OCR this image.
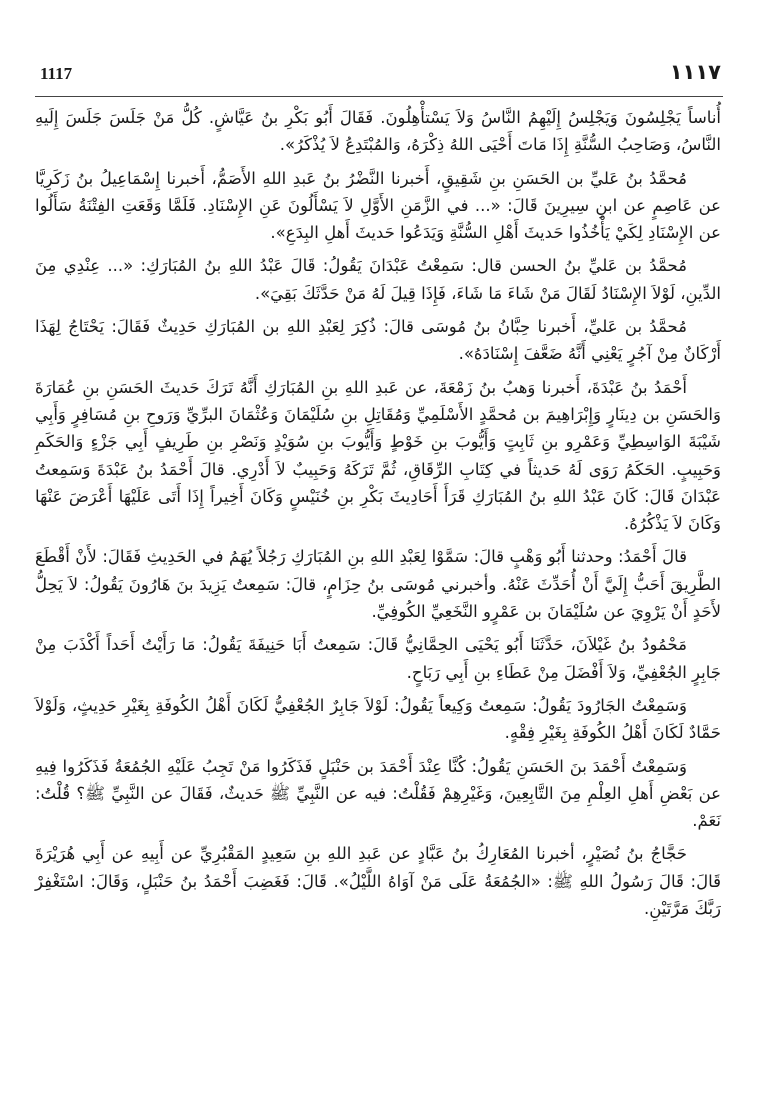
1117	١١١٧

أُناساً يَجْلِسُونَ وَيَجْلِسُ إِلَيْهِمُ النَّاسُ وَلاَ يَسْتأْهِلُونَ. فَقَالَ أَبُو بَكْرِ بنُ عَيَّاشٍ. كُلُّ مَنْ جَلَسَ جَلَسَ إِلَيهِ النَّاسُ، وَصَاحِبُ السُّنَّةِ إِذَا مَاتَ أَحْيَى اللهُ ذِكْرَهُ، وَالمُبْتَدِعُ لاَ يُذْكَرُ».

مُحمَّدُ بنُ عَليِّ بن الحَسَنِ بنِ شَقِيقٍ، أَخبرنا النَّضْرُ بنُ عَبدِ اللهِ الأَصَمُّ، أَخبرنا إِسْمَاعِيلُ بنُ زَكَرِيَّا عن عَاصِمٍ عن ابنِ سِيرِينَ قَالَ: «... في الزَّمَنِ الأَوَّلِ لاَ يَسْأَلُونَ عَنِ الإِسْنَادِ. فَلَمَّا وَقَعَتِ الفِتْنَةُ سَأَلُوا عن الإِسْنَادِ لِكَيْ يَأْخُذُوا حَديثَ أَهْلِ السُّنَّةِ وَيَدَعُوا حَديثَ أَهلِ البِدَعِ».

مُحمَّدُ بن عَليِّ بنُ الحسن قال: سَمِعْتُ عَبْدَانَ يَقُولُ: قَالَ عَبْدُ اللهِ بنُ المُبَارَكِ: «... عِنْدِي مِنَ الدِّينِ، لَوْلاَ الإِسْنَادُ لَقَالَ مَنْ شَاءَ مَا شَاءَ، فَإِذَا قِيلَ لَهُ مَنْ حَدَّثَكَ بَقِيَ».

مُحمَّدُ بن عَليِّ، أَخبرنا حِبَّانُ بنُ مُوسَى قالَ: ذُكِرَ لِعَبْدِ اللهِ بن المُبَارَكِ حَدِيثٌ فَقَالَ: يَحْتَاجُ لِهَذَا أَرْكَانٌ مِنْ آجُرٍ يَعْنِي أَنَّهُ ضَعَّفَ إِسْنَادَهُ».

أَحْمَدُ بنُ عَبْدَةَ، أَخبرنا وَهبُ بنُ زَمْعَةَ، عن عَبدِ اللهِ بنِ المُبَارَكِ أَنَّهُ تَرَكَ حَديثَ الحَسَنِ بنِ عُمَارَةَ وَالحَسَنِ بن دِينَارٍ وَإِبْرَاهِيمَ بن مُحمَّدٍ الأَسْلَمِيِّ وَمُقَاتِلِ بنِ سُلَيْمَانَ وَعُثْمَانَ البرِّيِّ وَرَوحِ بنِ مُسَافِرٍ وَأَبِي شَيْبَةَ الوَاسِطِيِّ وَعَمْرِو بنِ ثَابِتٍ وَأَيُّوبَ بنِ خَوْطٍ وَأَيُّوبَ بنِ سُوَيْدٍ وَنَصْرِ بنِ طَرِيفٍ أَبِي جَزْءٍ وَالحَكَمِ وَحَبِيبٍ. الحَكَمُ رَوَى لَهُ حَديثاً في كِتَابِ الرِّقَاقِ، ثُمَّ تَرَكَهُ وَحَبِيبٌ لاَ أَدْرِي. قالَ أَحْمَدُ بنُ عَبْدَةَ وَسَمِعتُ عَبْدَانَ قَالَ: كَانَ عَبْدُ اللهِ بنُ المُبَارَكِ قَرَأَ أَحَادِيثَ بَكْرِ بنِ خُنَيْسٍ وَكَانَ أَخِيراً إِذَا أَتَى عَلَيْهَا أَعْرَضَ عَنْهَا وَكَانَ لاَ يَذْكُرُهُ.

قالَ أَحْمَدُ: وحدثنا أَبُو وَهْبٍ قالَ: سَمَّوْا لِعَبْدِ اللهِ بنِ المُبَارَكِ رَجُلاً يُهَمُ في الحَدِيثِ فَقَالَ: لأَنْ أَقْطَعَ الطَّرِيقَ أَحَبُّ إِلَيَّ أَنْ أُحَدِّثَ عَنْهُ. وأخبرني مُوسَى بنُ حِزَامٍ، قالَ: سَمِعتُ يَزِيدَ بنَ هَارُونَ يَقُولُ: لاَ يَحِلُّ لأَحَدٍ أَنْ يَرْوِيَ عن سُلَيْمَانَ بن عَمْرٍو النَّخَعِيِّ الكُوفِيِّ.

مَحْمُودُ بنُ غَيْلاَنَ، حَدَّثَنَا أَبُو يَحْيَى الحِمَّانِيُّ قَالَ: سَمِعتُ أَبَا حَنِيفَةَ يَقُولُ: مَا رَأَيْتُ أَحَداً أَكْذَبَ مِنْ جَابِرٍ الجُعْفِيِّ، وَلاَ أَفْضَلَ مِنْ عَطَاءِ بنِ أَبِي رَبَاحٍ.

وَسَمِعْتُ الجَارُودَ يَقُولُ: سَمِعتُ وَكِيعاً يَقُولُ: لَوْلاَ جَابِرٌ الجُعْفِيُّ لَكَانَ أَهْلُ الكُوفَةِ بِغَيْرِ حَدِيثٍ، وَلَوْلاَ حَمَّادٌ لَكَانَ أَهْلُ الكُوفَةِ بِغَيْرِ فِقْهٍ.

وَسَمِعْتُ أَحْمَدَ بنَ الحَسَنِ يَقُولُ: كُنَّا عِنْدَ أَحْمَدَ بن حَنْبَلٍ فَذَكَرُوا مَنْ تَجِبُ عَلَيْهِ الجُمُعَةُ فَذَكَرُوا فِيهِ عن بَعْضِ أَهلِ العِلْمِ مِنَ التَّابِعِينَ، وَغَيْرِهِمْ فَقُلْتُ: فيه عن النَّبِيِّ ﷺ حَديثٌ، فَقَالَ عن النَّبِيِّ ﷺ؟ قُلْتُ: نَعَمْ.

حَجَّاجُ بنُ نُصَيْرٍ، أخبرنا المُعَارِكُ بنُ عَبَّادٍ عن عَبدِ اللهِ بنِ سَعِيدٍ المَقْبُرِيِّ عن أَبِيهِ عن أَبِي هُرَيْرَةَ قَالَ: قَالَ رَسُولُ اللهِ ﷺ: «الجُمُعَةُ عَلَى مَنْ آوَاهُ اللَّيْلُ». قَالَ: فَغَضِبَ أَحْمَدُ بنُ حَنْبَلٍ، وَقَالَ: اسْتَغْفِرْ رَبَّكَ مَرَّتَيْنِ.
